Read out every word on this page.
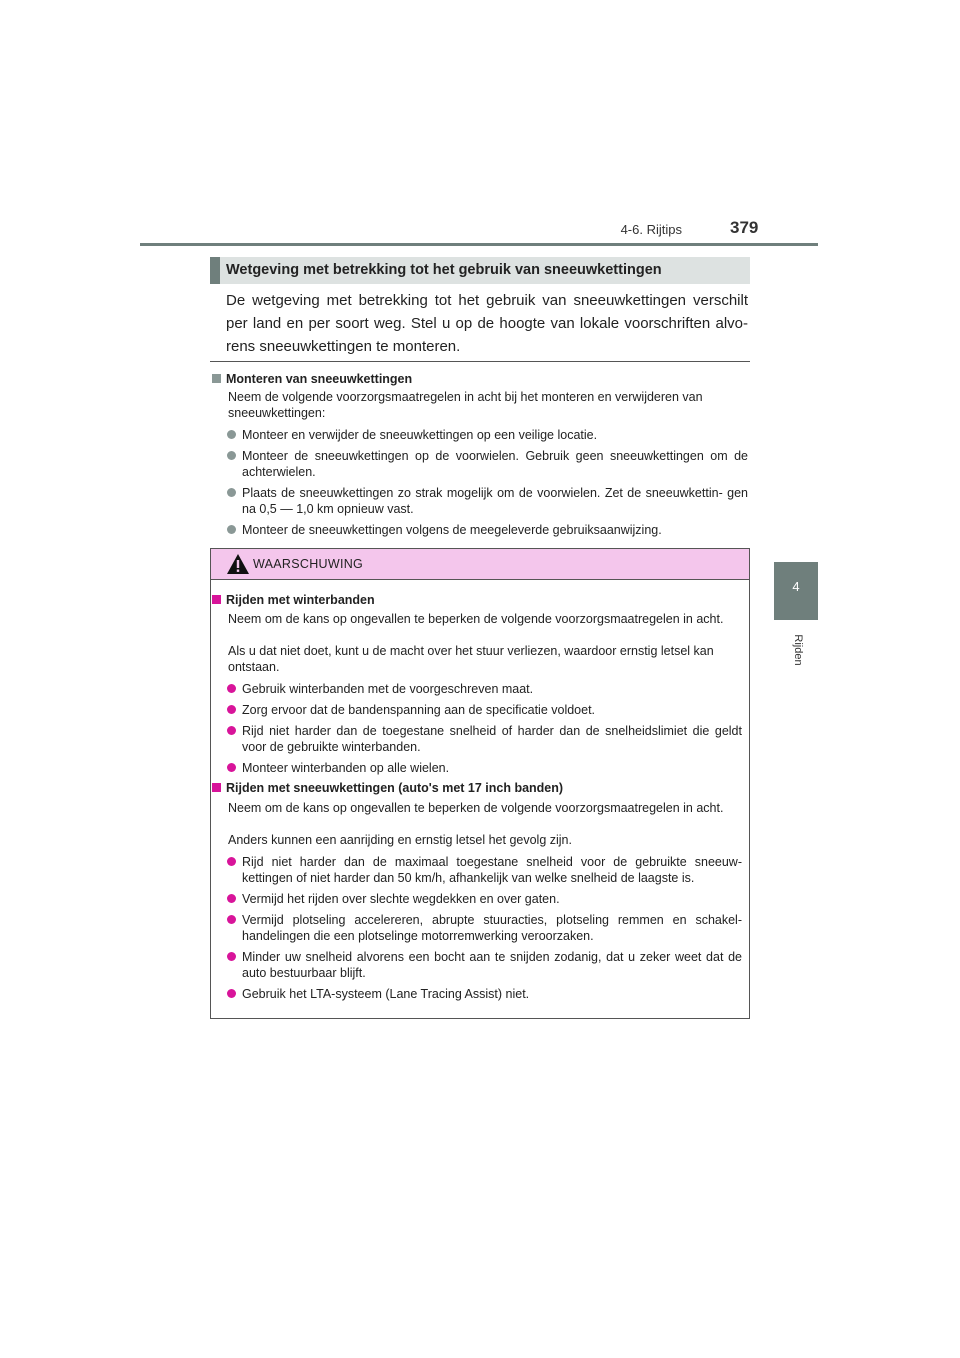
4-6. Rijtips	379
4
Rijden
Wetgeving met betrekking tot het gebruik van sneeuwkettingen
De wetgeving met betrekking tot het gebruik van sneeuwkettingen verschilt
per land en per soort weg. Stel u op de hoogte van lokale voorschriften alvo-
rens sneeuwkettingen te monteren.
Monteren van sneeuwkettingen
Neem de volgende voorzorgsmaatregelen in acht bij het monteren en verwijderen van sneeuwkettingen:
Monteer en verwijder de sneeuwkettingen op een veilige locatie.
Monteer de sneeuwkettingen op de voorwielen. Gebruik geen sneeuwkettingen om de achterwielen.
Plaats de sneeuwkettingen zo strak mogelijk om de voorwielen. Zet de sneeuwkettin- gen na 0,5 — 1,0 km opnieuw vast.
Monteer de sneeuwkettingen volgens de meegeleverde gebruiksaanwijzing.
WAARSCHUWING
Rijden met winterbanden
Neem om de kans op ongevallen te beperken de volgende voorzorgsmaatregelen in acht.
Als u dat niet doet, kunt u de macht over het stuur verliezen, waardoor ernstig letsel kan ontstaan.
Gebruik winterbanden met de voorgeschreven maat.
Zorg ervoor dat de bandenspanning aan de specificatie voldoet.
Rijd niet harder dan de toegestane snelheid of harder dan de snelheidslimiet die geldt voor de gebruikte winterbanden.
Monteer winterbanden op alle wielen.
Rijden met sneeuwkettingen (auto's met 17 inch banden)
Neem om de kans op ongevallen te beperken de volgende voorzorgsmaatregelen in acht.
Anders kunnen een aanrijding en ernstig letsel het gevolg zijn.
Rijd niet harder dan de maximaal toegestane snelheid voor de gebruikte sneeuw- kettingen of niet harder dan 50 km/h, afhankelijk van welke snelheid de laagste is.
Vermijd het rijden over slechte wegdekken en over gaten.
Vermijd plotseling accelereren, abrupte stuuracties, plotseling remmen en schakel- handelingen die een plotselinge motorremwerking veroorzaken.
Minder uw snelheid alvorens een bocht aan te snijden zodanig, dat u zeker weet dat de auto bestuurbaar blijft.
Gebruik het LTA-systeem (Lane Tracing Assist) niet.
